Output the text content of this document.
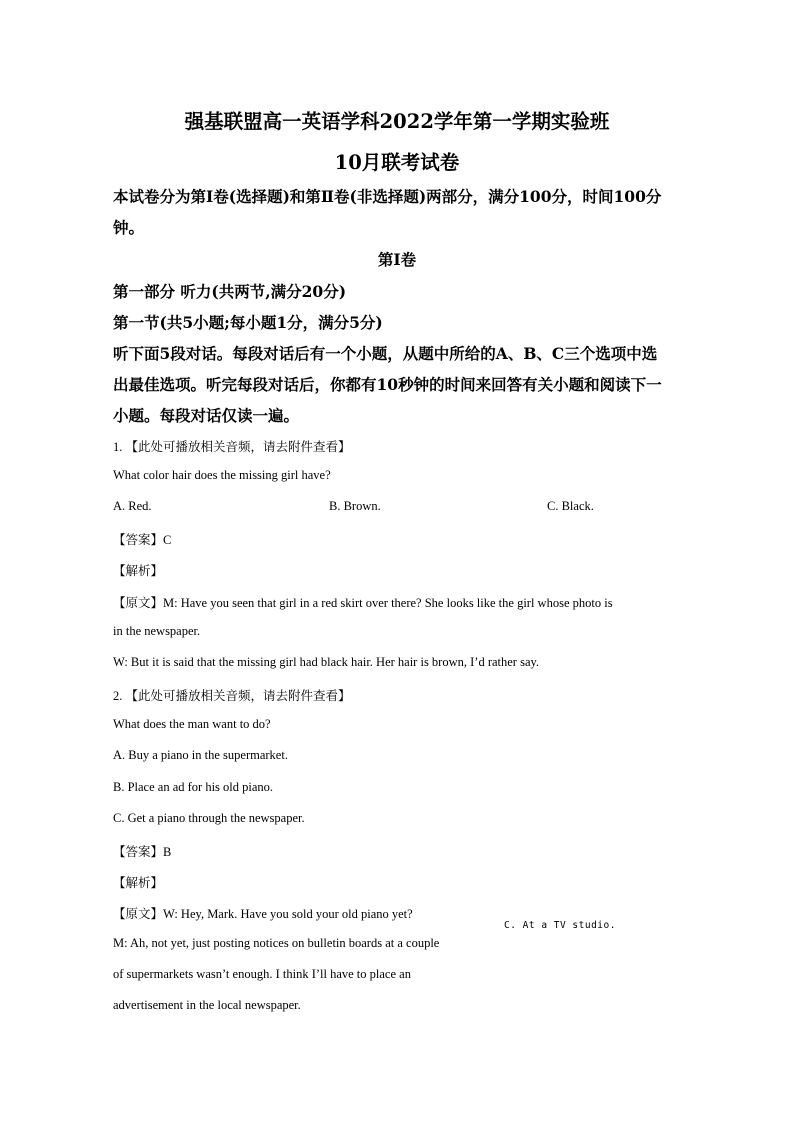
强基联盟高一英语学科2022学年第一学期实验班
10月联考试卷
本试卷分为第Ⅰ卷(选择题)和第Ⅱ卷(非选择题)两部分，满分100分，时间100分
钟。
第Ⅰ卷
第一部分 听力(共两节,满分20分)
第一节(共5小题;每小题1分，满分5分)
听下面5段对话。每段对话后有一个小题，从题中所给的A、B、C三个选项中选
出最佳选项。听完每段对话后，你都有10秒钟的时间来回答有关小题和阅读下一
小题。每段对话仅读一遍。
1. 【此处可播放相关音频，请去附件查看】
What color hair does the missing girl have?
A. Red.	B. Brown.	C. Black.
【答案】C
【解析】
【原文】M: Have you seen that girl in a red skirt over there? She looks like the girl whose photo is
in the newspaper.
W: But it is said that the missing girl had black hair. Her hair is brown, I’d rather say.
2. 【此处可播放相关音频，请去附件查看】
What does the man want to do?
A. Buy a piano in the supermarket.
B. Place an ad for his old piano.
C. Get a piano through the newspaper.
【答案】B
【解析】
【原文】W: Hey, Mark. Have you sold your old piano yet?
C. At a TV studio.
M: Ah, not yet, just posting notices on bulletin boards at a couple
of supermarkets wasn’t enough. I think I’ll have to place an
advertisement in the local newspaper.
